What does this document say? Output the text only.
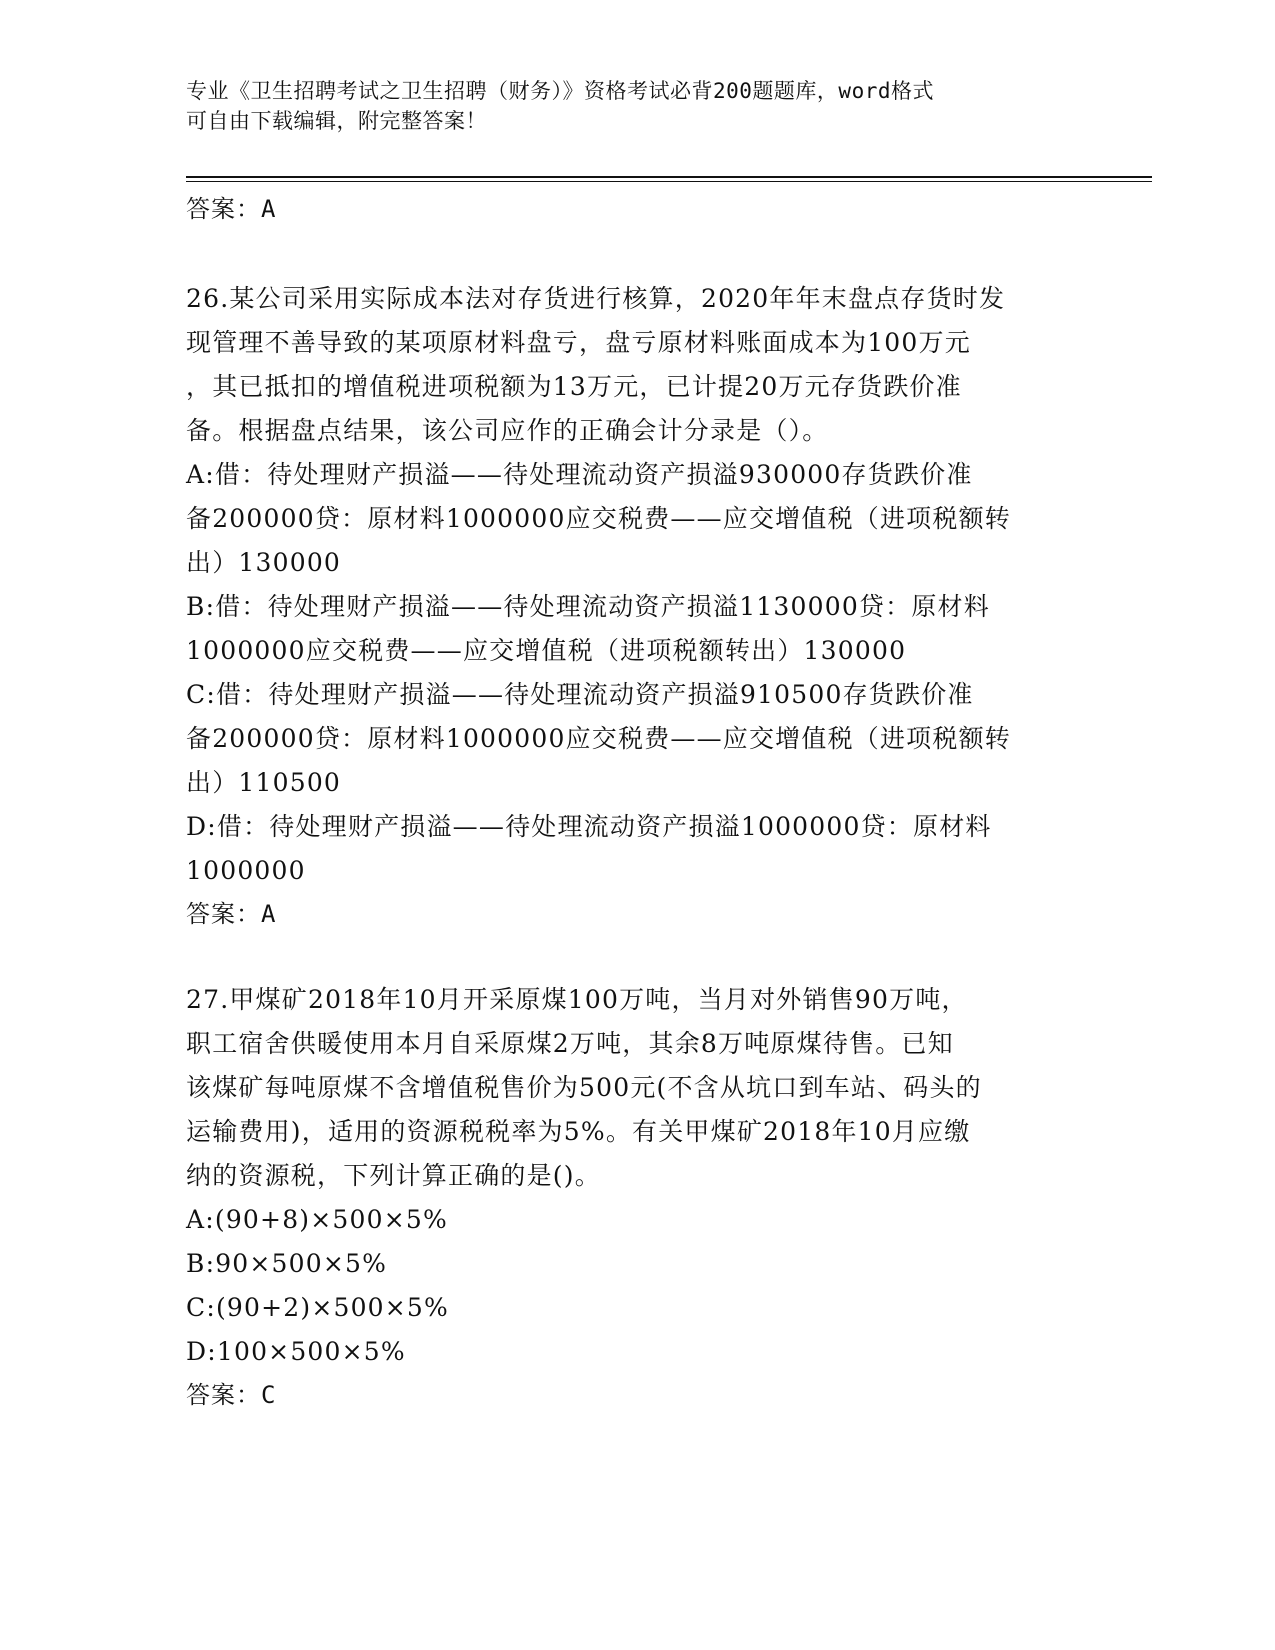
专业《卫生招聘考试之卫生招聘（财务）》资格考试必背200题题库，word格式
可自由下载编辑，附完整答案！
答案：A
26.某公司采用实际成本法对存货进行核算，2020年年末盘点存货时发
现管理不善导致的某项原材料盘亏，盘亏原材料账面成本为100万元
，其已抵扣的增值税进项税额为13万元，已计提20万元存货跌价准
备。根据盘点结果，该公司应作的正确会计分录是（）。
A:借：待处理财产损溢——待处理流动资产损溢930000存货跌价准
备200000贷：原材料1000000应交税费——应交增值税（进项税额转
出）130000
B:借：待处理财产损溢——待处理流动资产损溢1130000贷：原材料
1000000应交税费——应交增值税（进项税额转出）130000
C:借：待处理财产损溢——待处理流动资产损溢910500存货跌价准
备200000贷：原材料1000000应交税费——应交增值税（进项税额转
出）110500
D:借：待处理财产损溢——待处理流动资产损溢1000000贷：原材料
1000000
答案：A
27.甲煤矿2018年10月开采原煤100万吨，当月对外销售90万吨，
职工宿舍供暖使用本月自采原煤2万吨，其余8万吨原煤待售。已知
该煤矿每吨原煤不含增值税售价为500元(不含从坑口到车站、码头的
运输费用)，适用的资源税税率为5%。有关甲煤矿2018年10月应缴
纳的资源税，下列计算正确的是()。
A:(90+8)×500×5%
B:90×500×5%
C:(90+2)×500×5%
D:100×500×5%
答案：C
